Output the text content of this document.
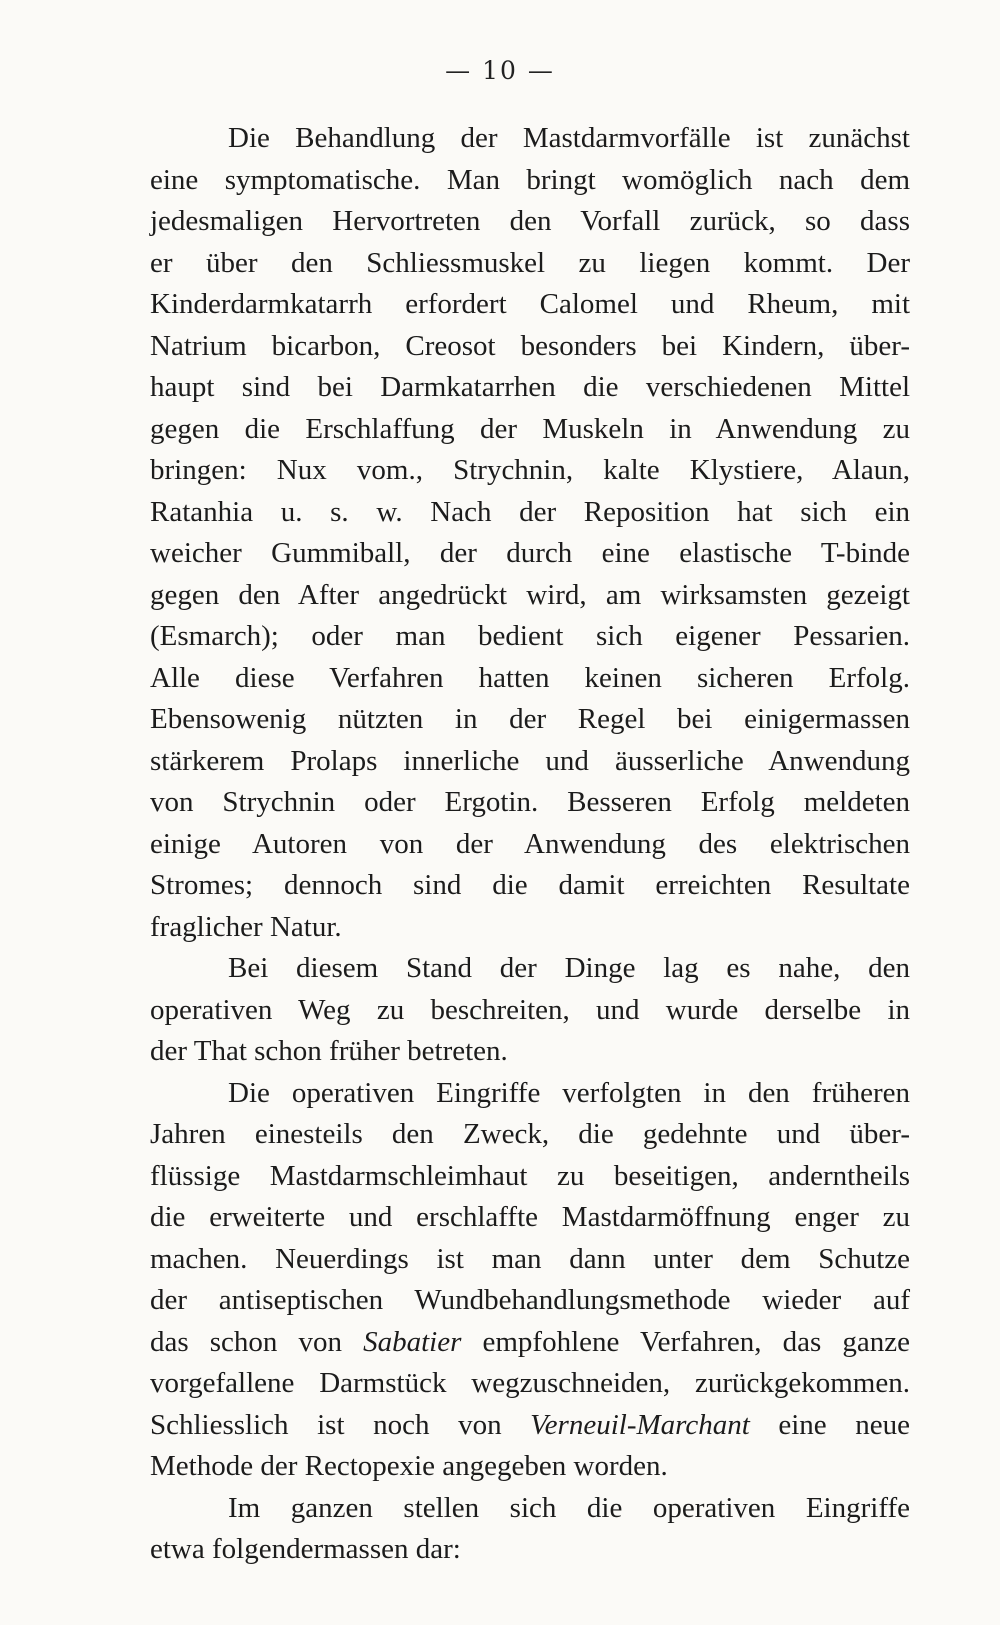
— 10 —
Die Behandlung der Mastdarmvorfälle ist zunächst
eine symptomatische. Man bringt womöglich nach dem
jedesmaligen Hervortreten den Vorfall zurück, so dass
er über den Schliessmuskel zu liegen kommt. Der
Kinderdarmkatarrh erfordert Calomel und Rheum, mit
Natrium bicarbon, Creosot besonders bei Kindern, über-
haupt sind bei Darmkatarrhen die verschiedenen Mittel
gegen die Erschlaffung der Muskeln in Anwendung zu
bringen: Nux vom., Strychnin, kalte Klystiere, Alaun,
Ratanhia u. s. w. Nach der Reposition hat sich ein
weicher Gummiball, der durch eine elastische T-binde
gegen den After angedrückt wird, am wirksamsten gezeigt
(Esmarch); oder man bedient sich eigener Pessarien.
Alle diese Verfahren hatten keinen sicheren Erfolg.
Ebensowenig nützten in der Regel bei einigermassen
stärkerem Prolaps innerliche und äusserliche Anwendung
von Strychnin oder Ergotin. Besseren Erfolg meldeten
einige Autoren von der Anwendung des elektrischen
Stromes; dennoch sind die damit erreichten Resultate
fraglicher Natur.
Bei diesem Stand der Dinge lag es nahe, den
operativen Weg zu beschreiten, und wurde derselbe in
der That schon früher betreten.
Die operativen Eingriffe verfolgten in den früheren
Jahren einesteils den Zweck, die gedehnte und über-
flüssige Mastdarmschleimhaut zu beseitigen, anderntheils
die erweiterte und erschlaffte Mastdarmöffnung enger zu
machen. Neuerdings ist man dann unter dem Schutze
der antiseptischen Wundbehandlungsmethode wieder auf
das schon von Sabatier empfohlene Verfahren, das ganze
vorgefallene Darmstück wegzuschneiden, zurückgekommen.
Schliesslich ist noch von Verneuil-Marchant eine neue
Methode der Rectopexie angegeben worden.
Im ganzen stellen sich die operativen Eingriffe
etwa folgendermassen dar:
